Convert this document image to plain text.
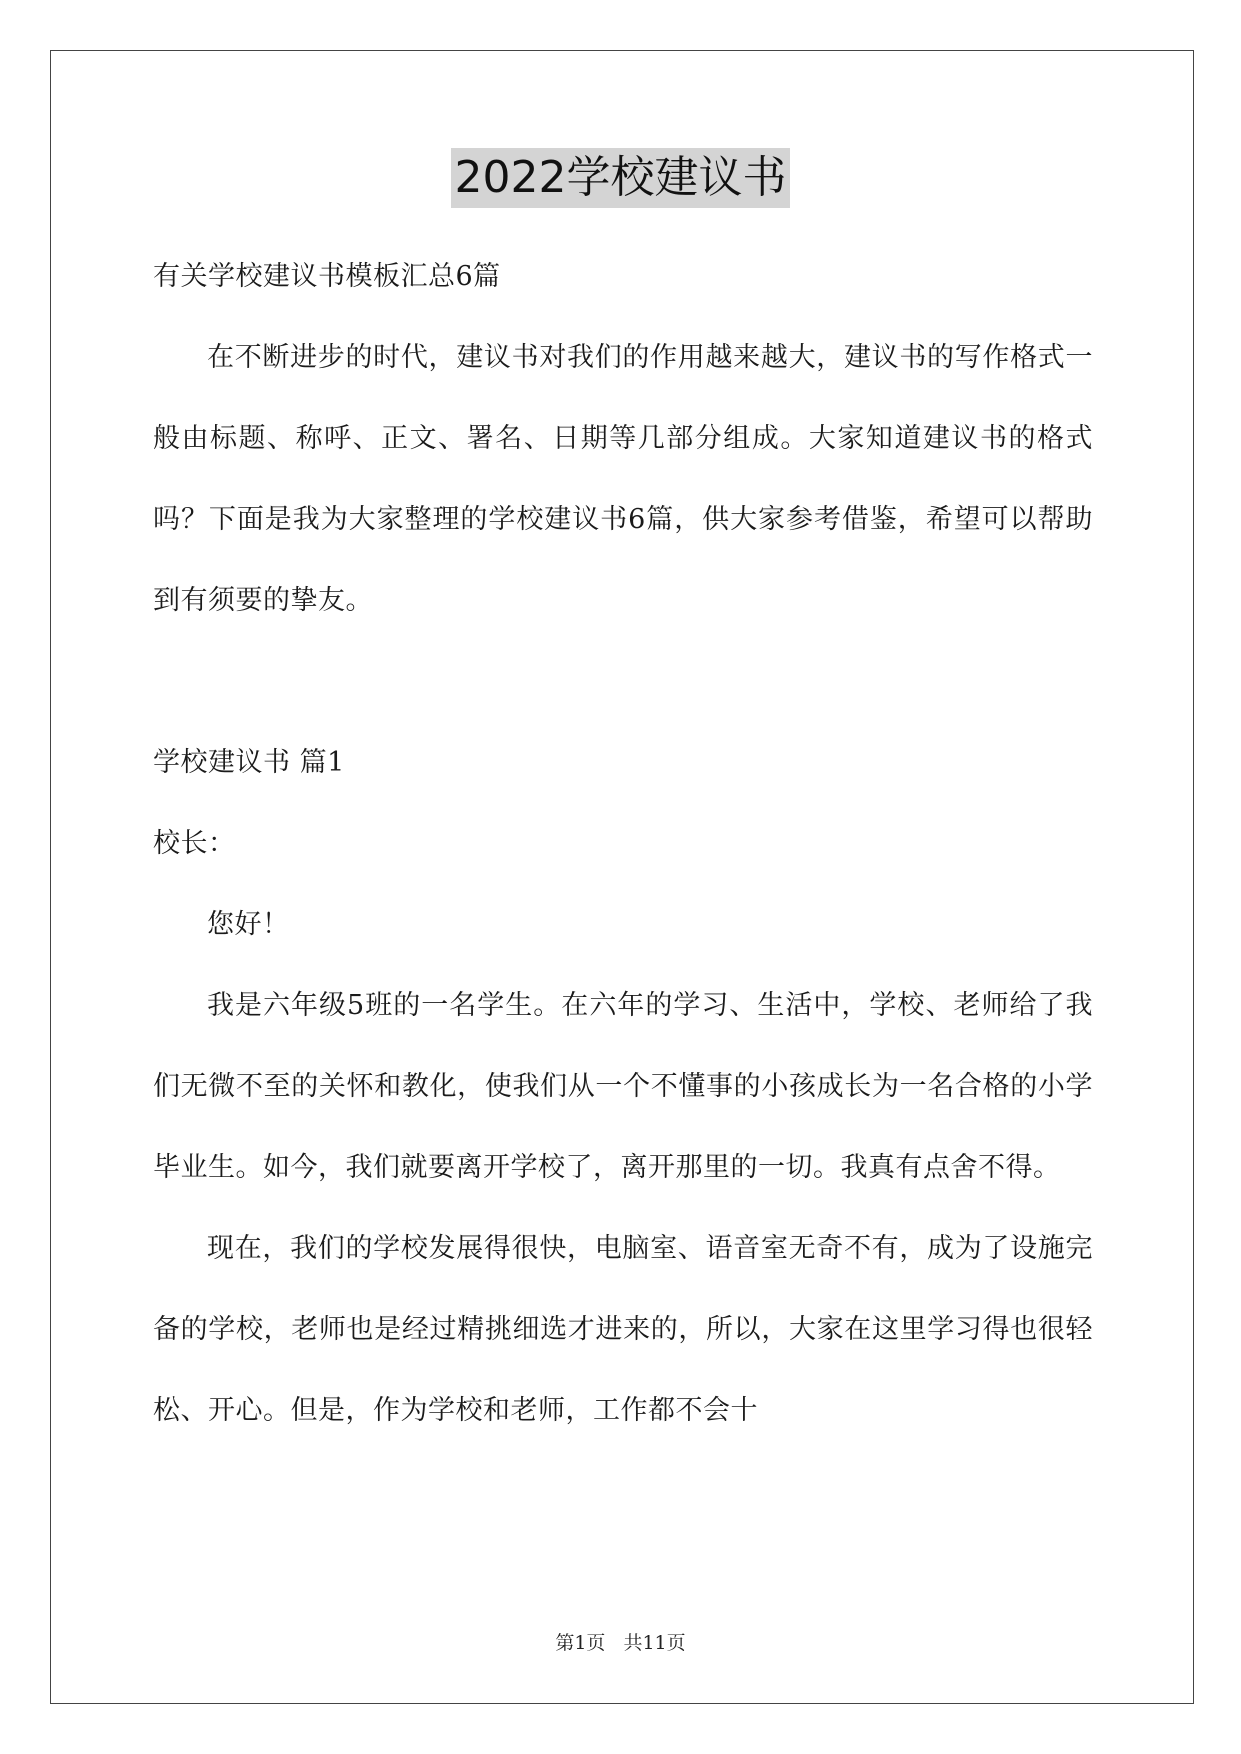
2022学校建议书
有关学校建议书模板汇总6篇

在不断进步的时代，建议书对我们的作用越来越大，建议书的写作格式一般由标题、称呼、正文、署名、日期等几部分组成。大家知道建议书的格式吗？下面是我为大家整理的学校建议书6篇，供大家参考借鉴，希望可以帮助到有须要的挚友。

学校建议书 篇1
校长：

您好！

我是六年级5班的一名学生。在六年的学习、生活中，学校、老师给了我们无微不至的关怀和教化，使我们从一个不懂事的小孩成长为一名合格的小学毕业生。如今，我们就要离开学校了，离开那里的一切。我真有点舍不得。

现在，我们的学校发展得很快，电脑室、语音室无奇不有，成为了设施完备的学校，老师也是经过精挑细选才进来的，所以，大家在这里学习得也很轻松、开心。但是，作为学校和老师，工作都不会十

第1页 共11页
